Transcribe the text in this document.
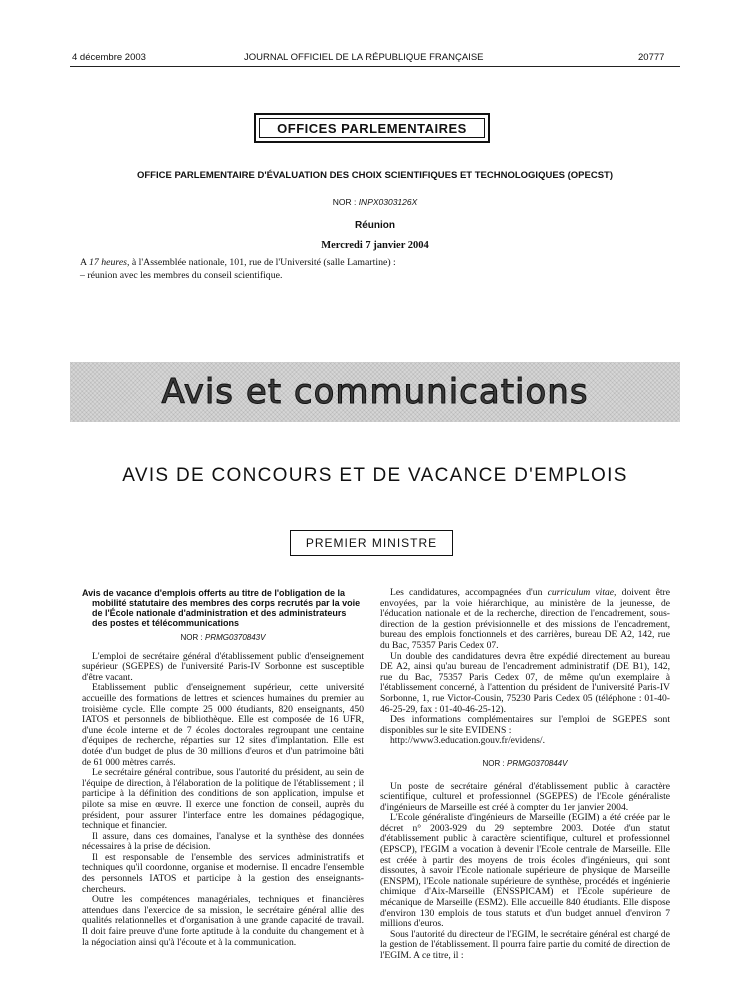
4 décembre 2003	JOURNAL OFFICIEL DE LA RÉPUBLIQUE FRANÇAISE	20777
OFFICES PARLEMENTAIRES
OFFICE PARLEMENTAIRE D'ÉVALUATION DES CHOIX SCIENTIFIQUES ET TECHNOLOGIQUES (OPECST)
NOR : INPX0303126X
Réunion
Mercredi 7 janvier 2004
A 17 heures, à l'Assemblée nationale, 101, rue de l'Université (salle Lamartine) :
– réunion avec les membres du conseil scientifique.
Avis et communications
AVIS DE CONCOURS ET DE VACANCE D'EMPLOIS
PREMIER MINISTRE
Avis de vacance d'emplois offerts au titre de l'obligation de la mobilité statutaire des membres des corps recrutés par la voie de l'École nationale d'administration et des administrateurs des postes et télécommunications
NOR : PRMG0370843V

L'emploi de secrétaire général d'établissement public d'enseignement supérieur (SGEPES) de l'université Paris-IV Sorbonne est susceptible d'être vacant.

Etablissement public d'enseignement supérieur, cette université accueille des formations de lettres et sciences humaines du premier au troisième cycle. Elle compte 25 000 étudiants, 820 enseignants, 450 IATOS et personnels de bibliothèque. Elle est composée de 16 UFR, d'une école interne et de 7 écoles doctorales regroupant une centaine d'équipes de recherche, réparties sur 12 sites d'implantation. Elle est dotée d'un budget de plus de 30 millions d'euros et d'un patrimoine bâti de 61 000 mètres carrés.

Le secrétaire général contribue, sous l'autorité du président, au sein de l'équipe de direction, à l'élaboration de la politique de l'établissement ; il participe à la définition des conditions de son application, impulse et pilote sa mise en œuvre. Il exerce une fonction de conseil, auprès du président, pour assurer l'interface entre les domaines pédagogique, technique et financier.

Il assure, dans ces domaines, l'analyse et la synthèse des données nécessaires à la prise de décision.

Il est responsable de l'ensemble des services administratifs et techniques qu'il coordonne, organise et modernise. Il encadre l'ensemble des personnels IATOS et participe à la gestion des enseignants-chercheurs.

Outre les compétences managériales, techniques et financières attendues dans l'exercice de sa mission, le secrétaire général allie des qualités relationnelles et d'organisation à une grande capacité de travail. Il doit faire preuve d'une forte aptitude à la conduite du changement et à la négociation ainsi qu'à l'écoute et à la communication.

Les candidatures, accompagnées d'un curriculum vitae, doivent être envoyées, par la voie hiérarchique, au ministère de la jeunesse, de l'éducation nationale et de la recherche, direction de l'encadrement, sous-direction de la gestion prévisionnelle et des missions de l'encadrement, bureau des emplois fonctionnels et des carrières, bureau DE A2, 142, rue du Bac, 75357 Paris Cedex 07.

Un double des candidatures devra être expédié directement au bureau DE A2, ainsi qu'au bureau de l'encadrement administratif (DE B1), 142, rue du Bac, 75357 Paris Cedex 07, de même qu'un exemplaire à l'établissement concerné, à l'attention du président de l'université Paris-IV Sorbonne, 1, rue Victor-Cousin, 75230 Paris Cedex 05 (téléphone : 01-40-46-25-29, fax : 01-40-46-25-12).

Des informations complémentaires sur l'emploi de SGEPES sont disponibles sur le site EVIDENS :

http://www3.education.gouv.fr/evidens/.

NOR : PRMG0370844V

Un poste de secrétaire général d'établissement public à caractère scientifique, culturel et professionnel (SGEPES) de l'Ecole généraliste d'ingénieurs de Marseille est créé à compter du 1er janvier 2004.

L'Ecole généraliste d'ingénieurs de Marseille (EGIM) a été créée par le décret n° 2003-929 du 29 septembre 2003. Dotée d'un statut d'établissement public à caractère scientifique, culturel et professionnel (EPSCP), l'EGIM a vocation à devenir l'Ecole centrale de Marseille. Elle est créée à partir des moyens de trois écoles d'ingénieurs, qui sont dissoutes, à savoir l'Ecole nationale supérieure de physique de Marseille (ENSPM), l'Ecole nationale supérieure de synthèse, procédés et ingénierie chimique d'Aix-Marseille (ENSSPICAM) et l'Ecole supérieure de mécanique de Marseille (ESM2). Elle accueille 840 étudiants. Elle dispose d'environ 130 emplois de tous statuts et d'un budget annuel d'environ 7 millions d'euros.

Sous l'autorité du directeur de l'EGIM, le secrétaire général est chargé de la gestion de l'établissement. Il pourra faire partie du comité de direction de l'EGIM. A ce titre, il :
